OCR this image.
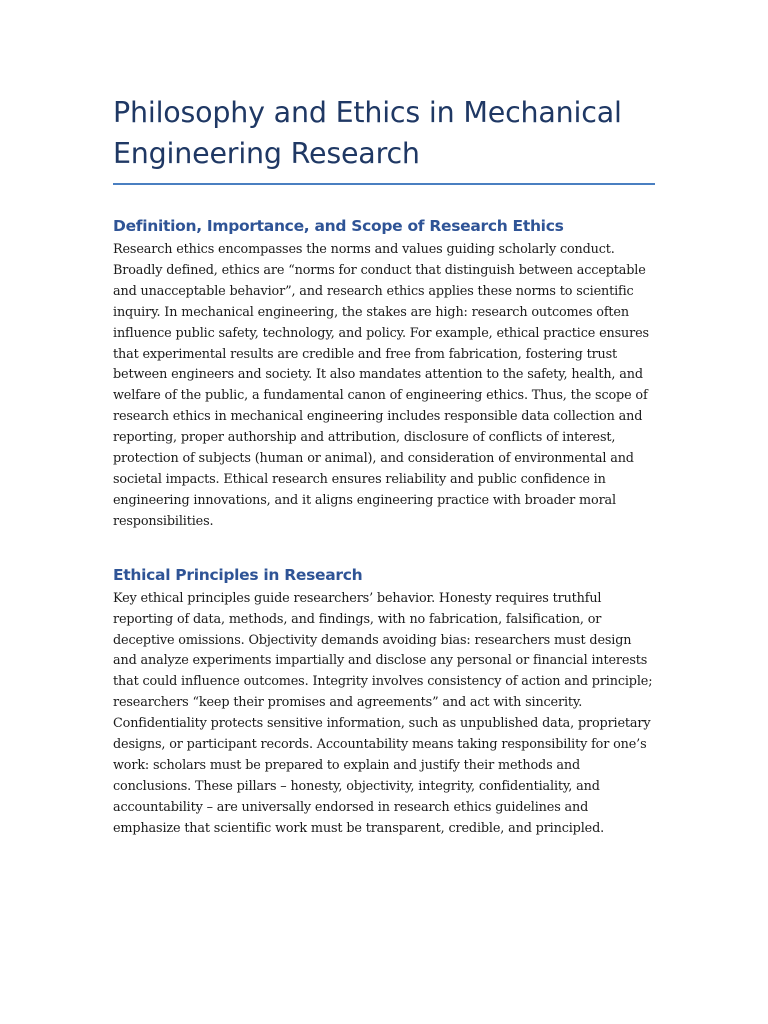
Philosophy and Ethics in Mechanical Engineering Research
Definition, Importance, and Scope of Research Ethics

Research ethics encompasses the norms and values guiding scholarly conduct. Broadly defined, ethics are “norms for conduct that distinguish between acceptable and unacceptable behavior”, and research ethics applies these norms to scientific inquiry. In mechanical engineering, the stakes are high: research outcomes often influence public safety, technology, and policy. For example, ethical practice ensures that experimental results are credible and free from fabrication, fostering trust between engineers and society. It also mandates attention to the safety, health, and welfare of the public, a fundamental canon of engineering ethics. Thus, the scope of research ethics in mechanical engineering includes responsible data collection and reporting, proper authorship and attribution, disclosure of conflicts of interest, protection of subjects (human or animal), and consideration of environmental and societal impacts. Ethical research ensures reliability and public confidence in engineering innovations, and it aligns engineering practice with broader moral responsibilities.

Ethical Principles in Research

Key ethical principles guide researchers’ behavior. Honesty requires truthful reporting of data, methods, and findings, with no fabrication, falsification, or deceptive omissions. Objectivity demands avoiding bias: researchers must design and analyze experiments impartially and disclose any personal or financial interests that could influence outcomes. Integrity involves consistency of action and principle; researchers “keep their promises and agreements” and act with sincerity. Confidentiality protects sensitive information, such as unpublished data, proprietary designs, or participant records. Accountability means taking responsibility for one’s work: scholars must be prepared to explain and justify their methods and conclusions. These pillars – honesty, objectivity, integrity, confidentiality, and accountability – are universally endorsed in research ethics guidelines and emphasize that scientific work must be transparent, credible, and principled.
